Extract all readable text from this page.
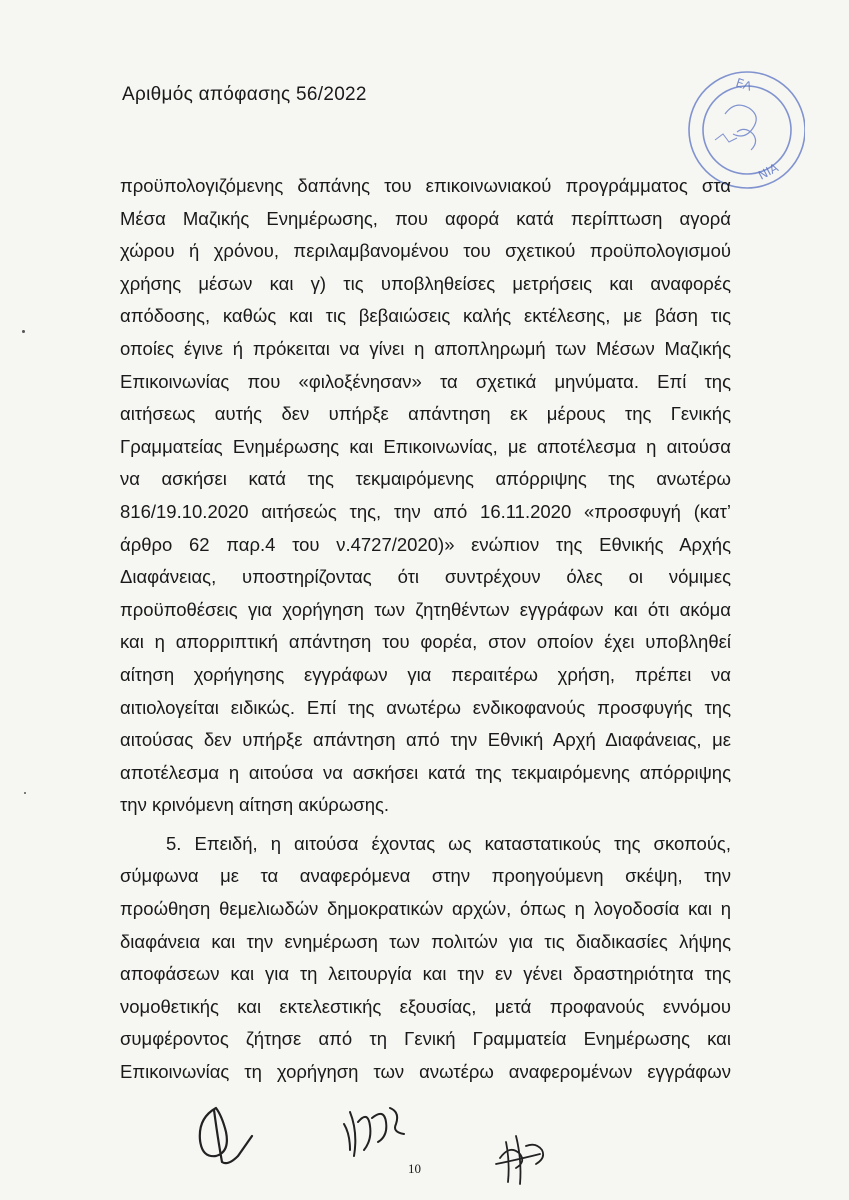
Αριθμός απόφασης 56/2022	ΕΛ
ΝΙΑ
προϋπολογιζόμενης δαπάνης του επικοινωνιακού προγράμματος στα
Μέσα Μαζικής Ενημέρωσης, που αφορά κατά περίπτωση αγορά
χώρου ή χρόνου, περιλαμβανομένου του σχετικού προϋπολογισμού
χρήσης μέσων και γ) τις υποβληθείσες μετρήσεις και αναφορές
απόδοσης, καθώς και τις βεβαιώσεις καλής εκτέλεσης, με βάση τις
οποίες έγινε ή πρόκειται να γίνει η αποπληρωμή των Μέσων Μαζικής
Επικοινωνίας που «φιλοξένησαν» τα σχετικά μηνύματα. Επί της
αιτήσεως αυτής δεν υπήρξε απάντηση εκ μέρους της Γενικής
Γραμματείας Ενημέρωσης και Επικοινωνίας, με αποτέλεσμα η αιτούσα
να ασκήσει κατά της τεκμαιρόμενης απόρριψης της ανωτέρω
816/19.10.2020 αιτήσεώς της, την από 16.11.2020 «προσφυγή (κατ’
άρθρο 62 παρ.4 του ν.4727/2020)» ενώπιον της Εθνικής Αρχής
Διαφάνειας, υποστηρίζοντας ότι συντρέχουν όλες οι νόμιμες
προϋποθέσεις για χορήγηση των ζητηθέντων εγγράφων και ότι ακόμα
και η απορριπτική απάντηση του φορέα, στον οποίον έχει υποβληθεί
αίτηση χορήγησης εγγράφων για περαιτέρω χρήση, πρέπει να
αιτιολογείται ειδικώς. Επί της ανωτέρω ενδικοφανούς προσφυγής της
αιτούσας δεν υπήρξε απάντηση από την Εθνική Αρχή Διαφάνειας, με
αποτέλεσμα η αιτούσα να ασκήσει κατά της τεκμαιρόμενης απόρριψης
την κρινόμενη αίτηση ακύρωσης.
5. Επειδή, η αιτούσα έχοντας ως καταστατικούς της σκοπούς,
σύμφωνα με τα αναφερόμενα στην προηγούμενη σκέψη, την
προώθηση θεμελιωδών δημοκρατικών αρχών, όπως η λογοδοσία και η
διαφάνεια και την ενημέρωση των πολιτών για τις διαδικασίες λήψης
αποφάσεων και για τη λειτουργία και την εν γένει δραστηριότητα της
νομοθετικής και εκτελεστικής εξουσίας, μετά προφανούς εννόμου
συμφέροντος ζήτησε από τη Γενική Γραμματεία Ενημέρωσης και
Επικοινωνίας τη χορήγηση των ανωτέρω αναφερομένων εγγράφων
10
